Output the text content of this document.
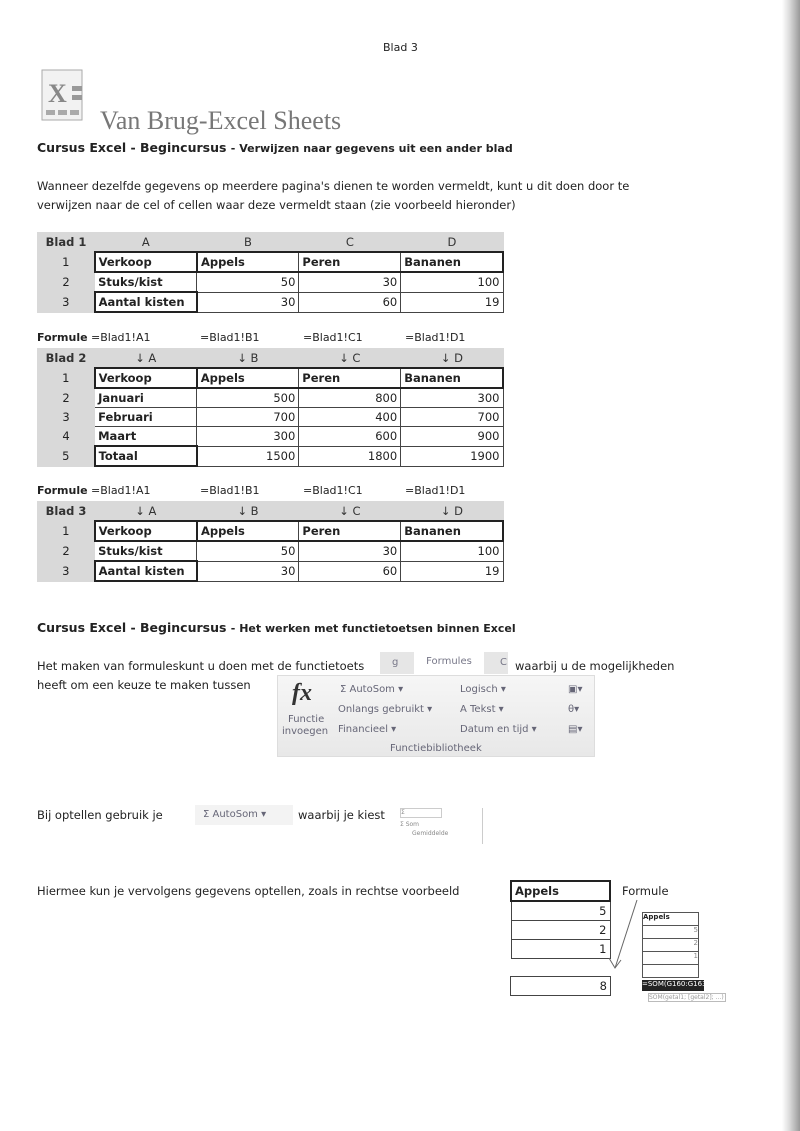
Blad 3
X
Van Brug-Excel Sheets
Cursus Excel - Begincursus - Verwijzen naar gegevens uit een ander blad
Wanneer dezelfde gegevens op meerdere pagina's dienen te worden vermeldt, kunt u dit doen door te
verwijzen naar de cel of cellen waar deze vermeldt staan (zie voorbeeld hieronder)
Blad 1	A	B	C	D
1	Verkoop	Appels	Peren	Bananen
2	Stuks/kist	50	30	100
3	Aantal kisten	30	60	19
Formule =Blad1!A1	=Blad1!B1	=Blad1!C1	=Blad1!D1
Blad 2	↓ A	↓ B	↓ C	↓ D
1	Verkoop	Appels	Peren	Bananen
2	Januari	500	800	300
3	Februari	700	400	700
4	Maart	300	600	900
5	Totaal	1500	1800	1900
Formule =Blad1!A1	=Blad1!B1	=Blad1!C1	=Blad1!D1
Blad 3	↓ A	↓ B	↓ C	↓ D
1	Verkoop	Appels	Peren	Bananen
2	Stuks/kist	50	30	100
3	Aantal kisten	30	60	19
Cursus Excel - Begincursus - Het werken met functietoetsen binnen Excel
Het maken van formuleskunt u doen met de functietoets	g	Formules	C waarbij u de mogelijkheden
heeft om een keuze te maken tussen fx
Functie
invoegen
Σ AutoSom ▾
Onlangs gebruikt ▾
Financieel ▾
Logisch ▾
A Tekst ▾
Datum en tijd ▾
▣▾
θ▾
▤▾
Functiebibliotheek
Bij optellen gebruik je	Σ AutoSom ▾	waarbij je kiest	Σ
Σ Som
Gemiddelde
Hiermee kun je vervolgens gegevens optellen, zoals in rechtse voorbeeld	Appels
5
2
1
8
Formule
Appels
5
2
1
=SOM(G160:G163)
SOM(getal1; [getal2]; ...)
